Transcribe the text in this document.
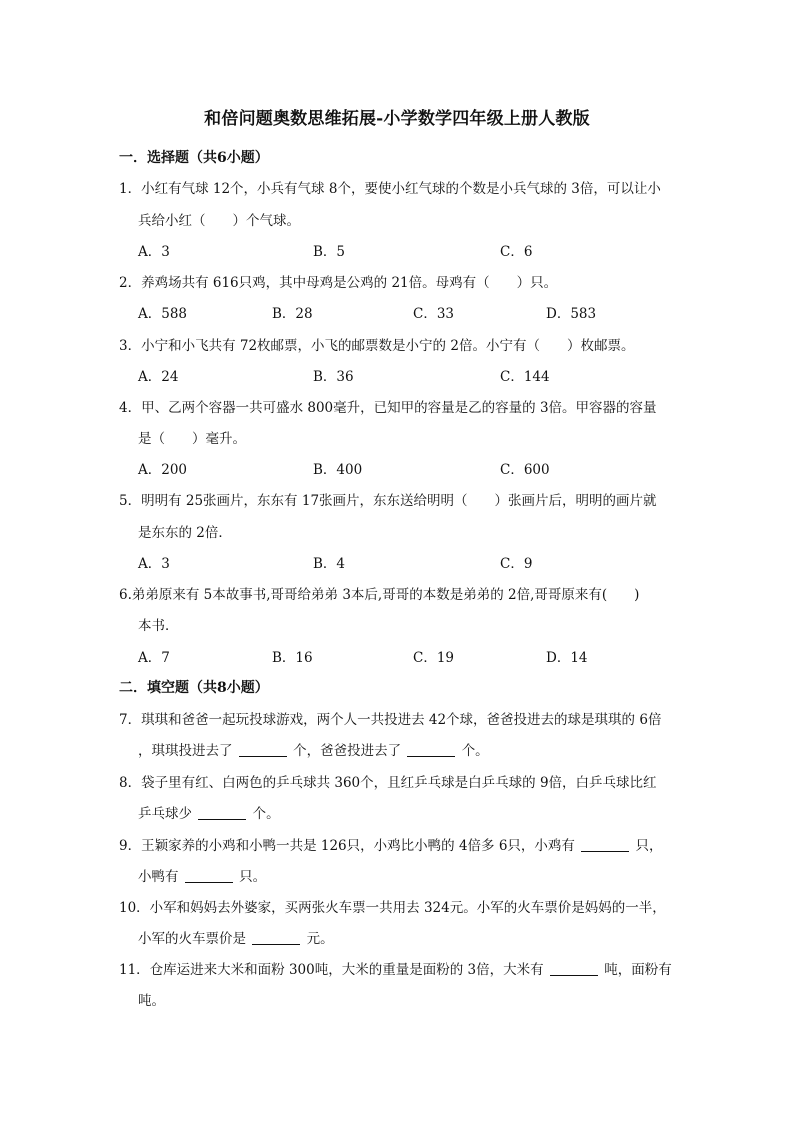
和倍问题奥数思维拓展-小学数学四年级上册人教版
一．选择题（共6小题）
1．小红有气球 12个，小兵有气球 8个，要使小红气球的个数是小兵气球的 3倍，可以让小
兵给小红（　　）个气球。
A．3	B．5	C．6
2．养鸡场共有 616只鸡，其中母鸡是公鸡的 21倍。母鸡有（　　）只。
A．588	B．28	C．33	D．583
3．小宁和小飞共有 72枚邮票，小飞的邮票数是小宁的 2倍。小宁有（　　）枚邮票。
A．24	B．36	C．144
4．甲、乙两个容器一共可盛水 800毫升，已知甲的容量是乙的容量的 3倍。甲容器的容量
是（　　）毫升。
A．200	B．400	C．600
5．明明有 25张画片，东东有 17张画片，东东送给明明（　　）张画片后，明明的画片就
是东东的 2倍．
A．3	B．4	C．9
6.弟弟原来有 5本故事书,哥哥给弟弟 3本后,哥哥的本数是弟弟的 2倍,哥哥原来有(　　)
本书．
A．7	B．16	C．19	D．14
二．填空题（共8小题）
7．琪琪和爸爸一起玩投球游戏，两个人一共投进去 42个球，爸爸投进去的球是琪琪的 6倍
，琪琪投进去了	个，爸爸投进去了	个。
8．袋子里有红、白两色的乒乓球共 360个，且红乒乓球是白乒乓球的 9倍，白乒乓球比红
乒乓球少	个。
9．王颖家养的小鸡和小鸭一共是 126只，小鸡比小鸭的 4倍多 6只，小鸡有	只，
小鸭有	只。
10．小军和妈妈去外婆家，买两张火车票一共用去 324元。小军的火车票价是妈妈的一半，
小军的火车票价是	元。
11．仓库运进来大米和面粉 300吨，大米的重量是面粉的 3倍，大米有	吨，面粉有
吨。
